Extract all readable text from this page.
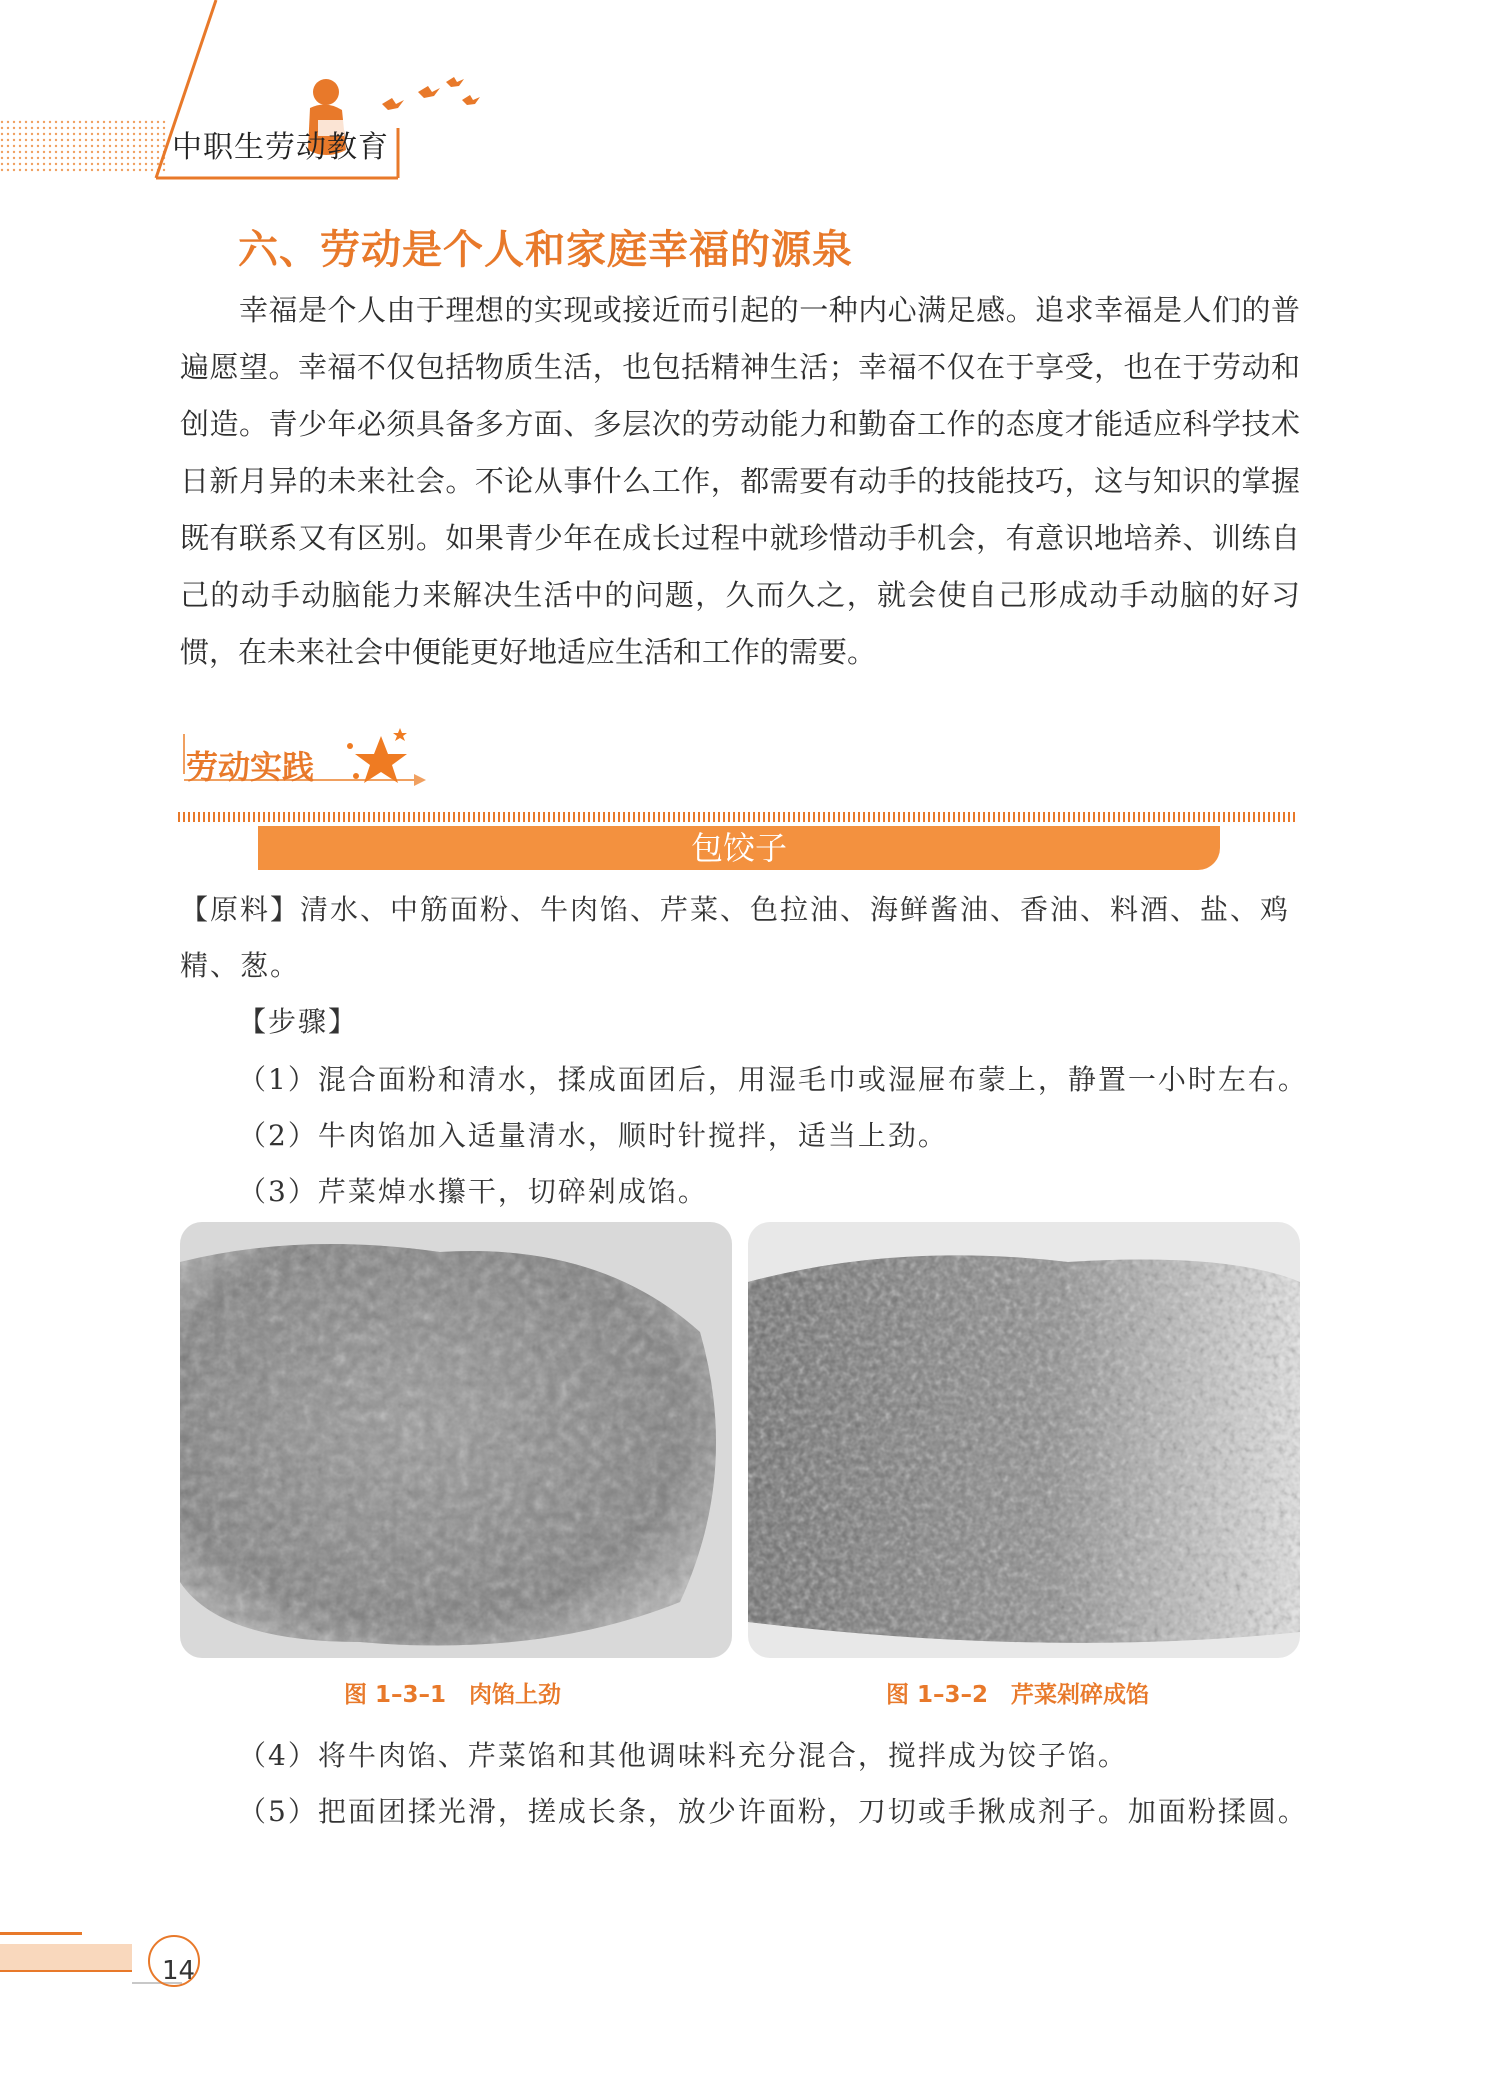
中职生劳动教育
六、劳动是个人和家庭幸福的源泉

幸福是个人由于理想的实现或接近而引起的一种内心满足感。追求幸福是人们的普遍愿望。幸福不仅包括物质生活，也包括精神生活；幸福不仅在于享受，也在于劳动和创造。青少年必须具备多方面、多层次的劳动能力和勤奋工作的态度才能适应科学技术日新月异的未来社会。不论从事什么工作，都需要有动手的技能技巧，这与知识的掌握既有联系又有区别。如果青少年在成长过程中就珍惜动手机会，有意识地培养、训练自己的动手动脑能力来解决生活中的问题，久而久之，就会使自己形成动手动脑的好习惯，在未来社会中便能更好地适应生活和工作的需要。

劳动实践
包饺子
【原料】清水、中筋面粉、牛肉馅、芹菜、色拉油、海鲜酱油、香油、料酒、盐、鸡
精、葱。
【步骤】
（1）混合面粉和清水，揉成面团后，用湿毛巾或湿屉布蒙上，静置一小时左右。
（2）牛肉馅加入适量清水，顺时针搅拌，适当上劲。
（3）芹菜焯水攥干，切碎剁成馅。
图 1–3–1　肉馅上劲	图 1–3–2　芹菜剁碎成馅
（4）将牛肉馅、芹菜馅和其他调味料充分混合，搅拌成为饺子馅。
（5）把面团揉光滑，搓成长条，放少许面粉，刀切或手揪成剂子。加面粉揉圆。
14
